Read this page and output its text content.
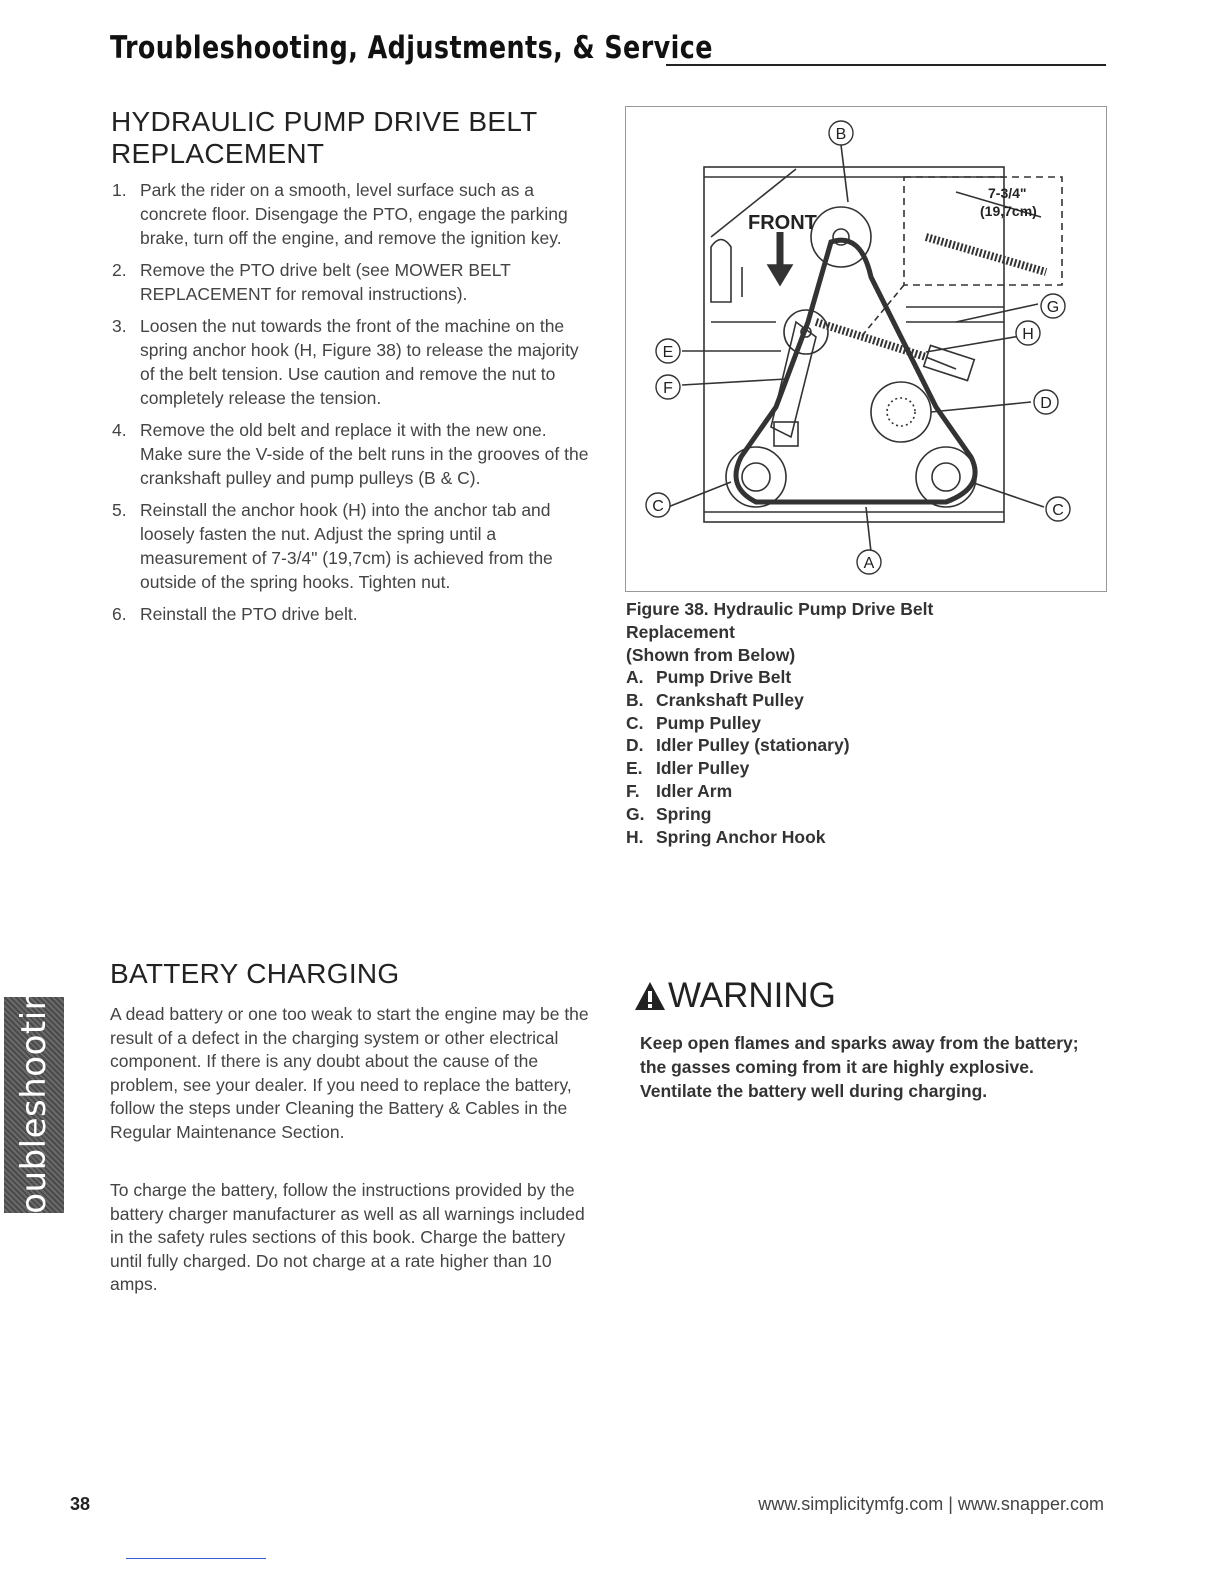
Troubleshooting, Adjustments, & Service
HYDRAULIC PUMP DRIVE BELT
REPLACEMENT
1. Park the rider on a smooth, level surface such as a concrete floor. Disengage the PTO, engage the parking brake, turn off the engine, and remove the ignition key.
2. Remove the PTO drive belt (see MOWER BELT REPLACEMENT for removal instructions).
3. Loosen the nut towards the front of the machine on the spring anchor hook (H, Figure 38) to release the majority of the belt tension. Use caution and remove the nut to completely release the tension.
4. Remove the old belt and replace it with the new one. Make sure the V-side of the belt runs in the grooves of the crankshaft pulley and pump pulleys (B & C).
5. Reinstall the anchor hook (H) into the anchor tab and loosely fasten the nut. Adjust the spring until a measurement of 7-3/4" (19,7cm) is achieved from the outside of the spring hooks. Tighten nut.
6. Reinstall the PTO drive belt.
B
E
F
C	C
D
G
H
A
FRONT
7-3/4"
(19,7cm)
Figure 38. Hydraulic Pump Drive Belt
Replacement
(Shown from Below)
A. Pump Drive Belt
B. Crankshaft Pulley
C. Pump Pulley
D. Idler Pulley (stationary)
E. Idler Pulley
F. Idler Arm
G. Spring
H. Spring Anchor Hook
BATTERY CHARGING

A dead battery or one too weak to start the engine may be the result of a defect in the charging system or other electrical component. If there is any doubt about the cause of the problem, see your dealer. If you need to replace the battery, follow the steps under Cleaning the Battery & Cables in the Regular Maintenance Section.

To charge the battery, follow the instructions provided by the battery charger manufacturer as well as all warnings included in the safety rules sections of this book. Charge the battery until fully charged. Do not charge at a rate higher than 10 amps.

Troubleshooting	WARNING
Keep open flames and sparks away from the battery; the gasses coming from it are highly explosive. Ventilate the battery well during charging.
38	www.simplicitymfg.com | www.snapper.com
